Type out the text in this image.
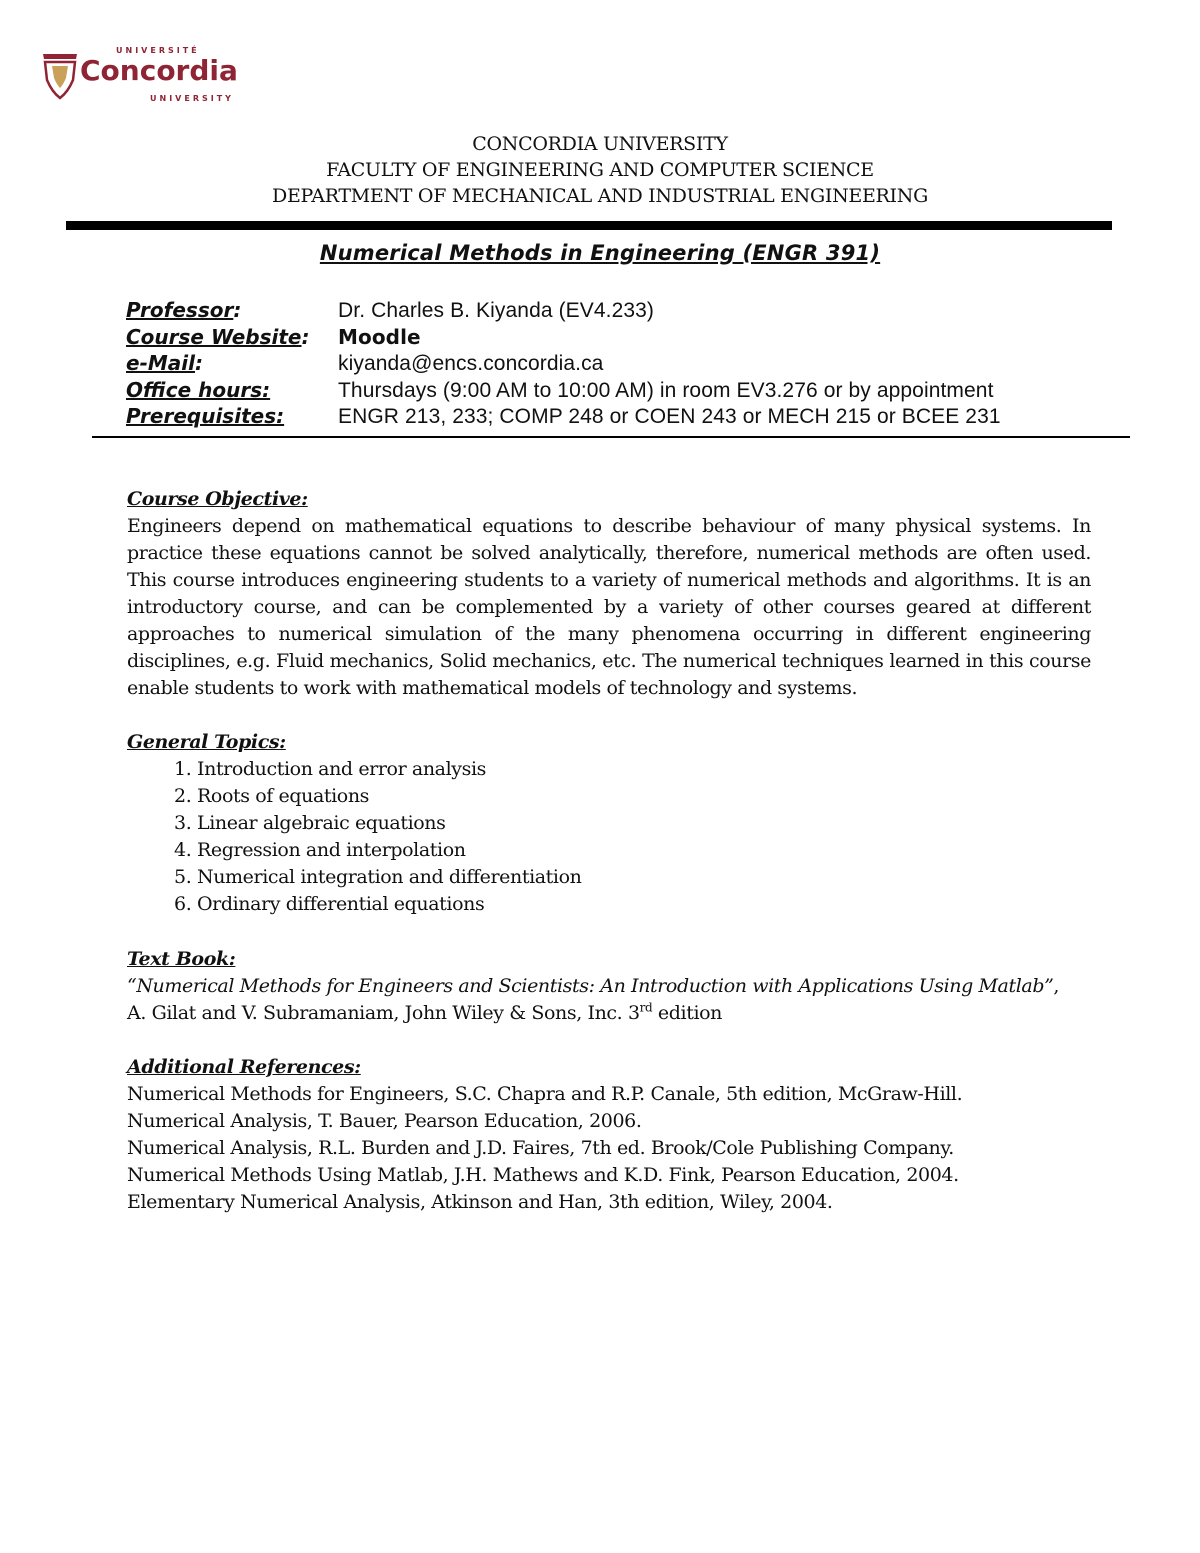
UNIVERSITÉ
Concordia
UNIVERSITY
CONCORDIA UNIVERSITY
FACULTY OF ENGINEERING AND COMPUTER SCIENCE
DEPARTMENT OF MECHANICAL AND INDUSTRIAL ENGINEERING
Numerical Methods in Engineering (ENGR 391)
Professor:	Dr. Charles B. Kiyanda (EV4.233)
Course Website:	Moodle
e-Mail:	kiyanda@encs.concordia.ca
Office hours:	Thursdays (9:00 AM to 10:00 AM) in room EV3.276 or by appointment
Prerequisites:	ENGR 213, 233; COMP 248 or COEN 243 or MECH 215 or BCEE 231
Course Objective:

Engineers depend on mathematical equations to describe behaviour of many physical systems. In practice these equations cannot be solved analytically, therefore, numerical methods are often used. This course introduces engineering students to a variety of numerical methods and algorithms. It is an introductory course, and can be complemented by a variety of other courses geared at different approaches to numerical simulation of the many phenomena occurring in different engineering disciplines, e.g. Fluid mechanics, Solid mechanics, etc. The numerical techniques learned in this course enable students to work with mathematical models of technology and systems.

General Topics:
1. Introduction and error analysis
2. Roots of equations
3. Linear algebraic equations
4. Regression and interpolation
5. Numerical integration and differentiation
6. Ordinary differential equations
Text Book:
“Numerical Methods for Engineers and Scientists: An Introduction with Applications Using Matlab”,
A. Gilat and V. Subramaniam, John Wiley & Sons, Inc. 3rd edition
Additional References:
Numerical Methods for Engineers, S.C. Chapra and R.P. Canale, 5th edition, McGraw-Hill.
Numerical Analysis, T. Bauer, Pearson Education, 2006.
Numerical Analysis, R.L. Burden and J.D. Faires, 7th ed. Brook/Cole Publishing Company.
Numerical Methods Using Matlab, J.H. Mathews and K.D. Fink, Pearson Education, 2004.
Elementary Numerical Analysis, Atkinson and Han, 3th edition, Wiley, 2004.
